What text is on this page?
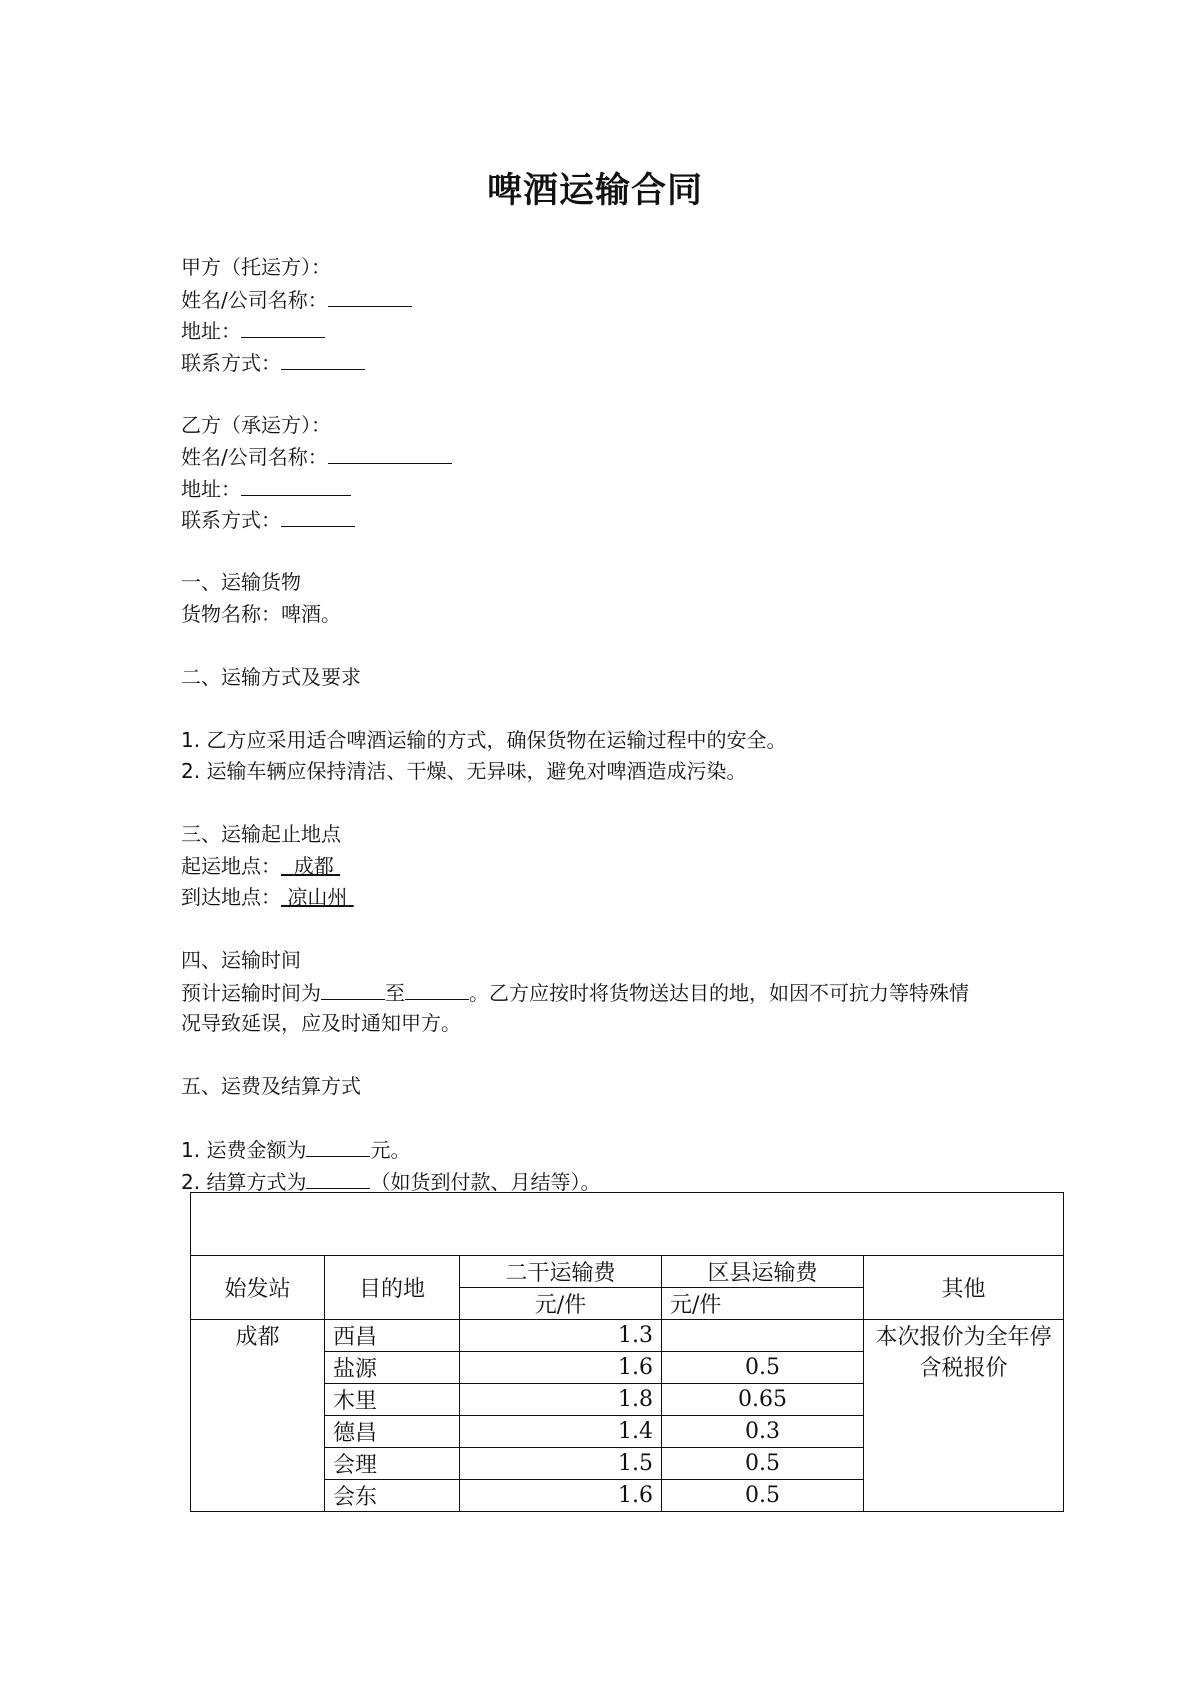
啤酒运输合同
甲方（托运方）：
姓名/公司名称：
地址：
联系方式：
乙方（承运方）：
姓名/公司名称：
地址：
联系方式：
一、运输货物
货物名称：啤酒。
二、运输方式及要求
1. 乙方应采用适合啤酒运输的方式，确保货物在运输过程中的安全。
2. 运输车辆应保持清洁、干燥、无异味，避免对啤酒造成污染。
三、运输起止地点
起运地点： 成都
到达地点： 凉山州
四、运输时间
预计运输时间为	至	。乙方应按时将货物送达目的地，如因不可抗力等特殊情
况导致延误，应及时通知甲方。
五、运费及结算方式
1. 运费金额为	元。
2. 结算方式为	（如货到付款、月结等）。

始发站	目的地	二干运输费	区县运输费	其他
		元/件	元/件	
成都	西昌	1.3		本次报价为全年停含税报价
	盐源	1.6	0.5	
	木里	1.8	0.65	
	德昌	1.4	0.3	
	会理	1.5	0.5	
	会东	1.6	0.5	
